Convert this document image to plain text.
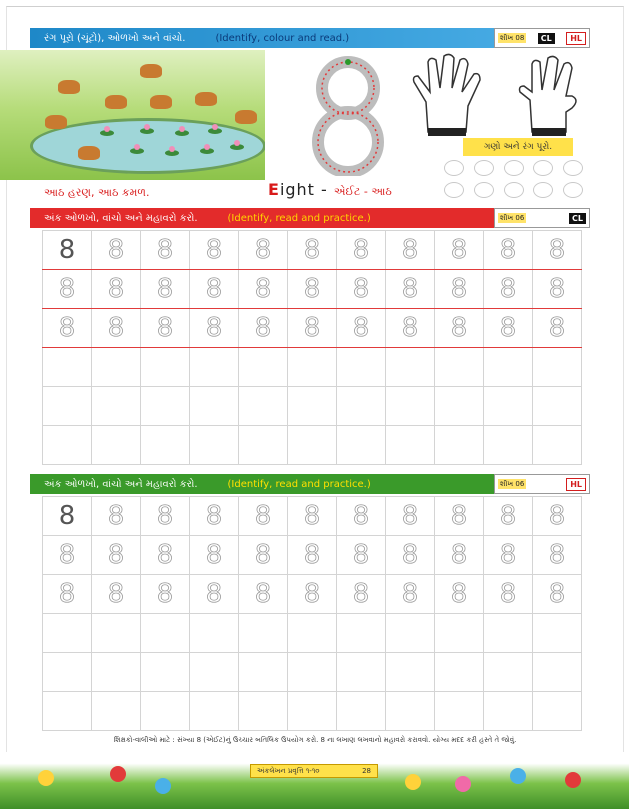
✿	રંગ પૂરો (ચૂંટો), ઓળખો અને વાંચો.	(Identify, colour and read.)	શીખ 08	CL	HL
ગણો અને રંગ પૂરો.
આઠ હરણ, આઠ કમળ.	Eight - એઈટ - આઠ
✿	અંક ઓળખો, વાંચો અને મહાવરો કરો.	(Identify, read and practice.)	શીખ 06	CL
8	8	8	8	8	8	8	8	8	8	8
8	8	8	8	8	8	8	8	8	8	8
8	8	8	8	8	8	8	8	8	8	8

✿	અંક ઓળખો, વાંચો અને મહાવરો કરો.	(Identify, read and practice.)	શીખ 06	HL
8	8	8	8	8	8	8	8	8	8	8
8	8	8	8	8	8	8	8	8	8	8
8	8	8	8	8	8	8	8	8	8	8

શિક્ષકો-વાલીઓ માટે : સંખ્યા 8 (એઈટ)નું ઉચ્ચાર બતિલિક ઉપયોગ કરો. 8 ના લખાણ લખવાનો મહાવરો કરાવવો. યોગ્ય મદદ કરી હસ્તે તે જોવું.
અંકલેખન પ્રવૃત્તિ ૧-૧૦	28
